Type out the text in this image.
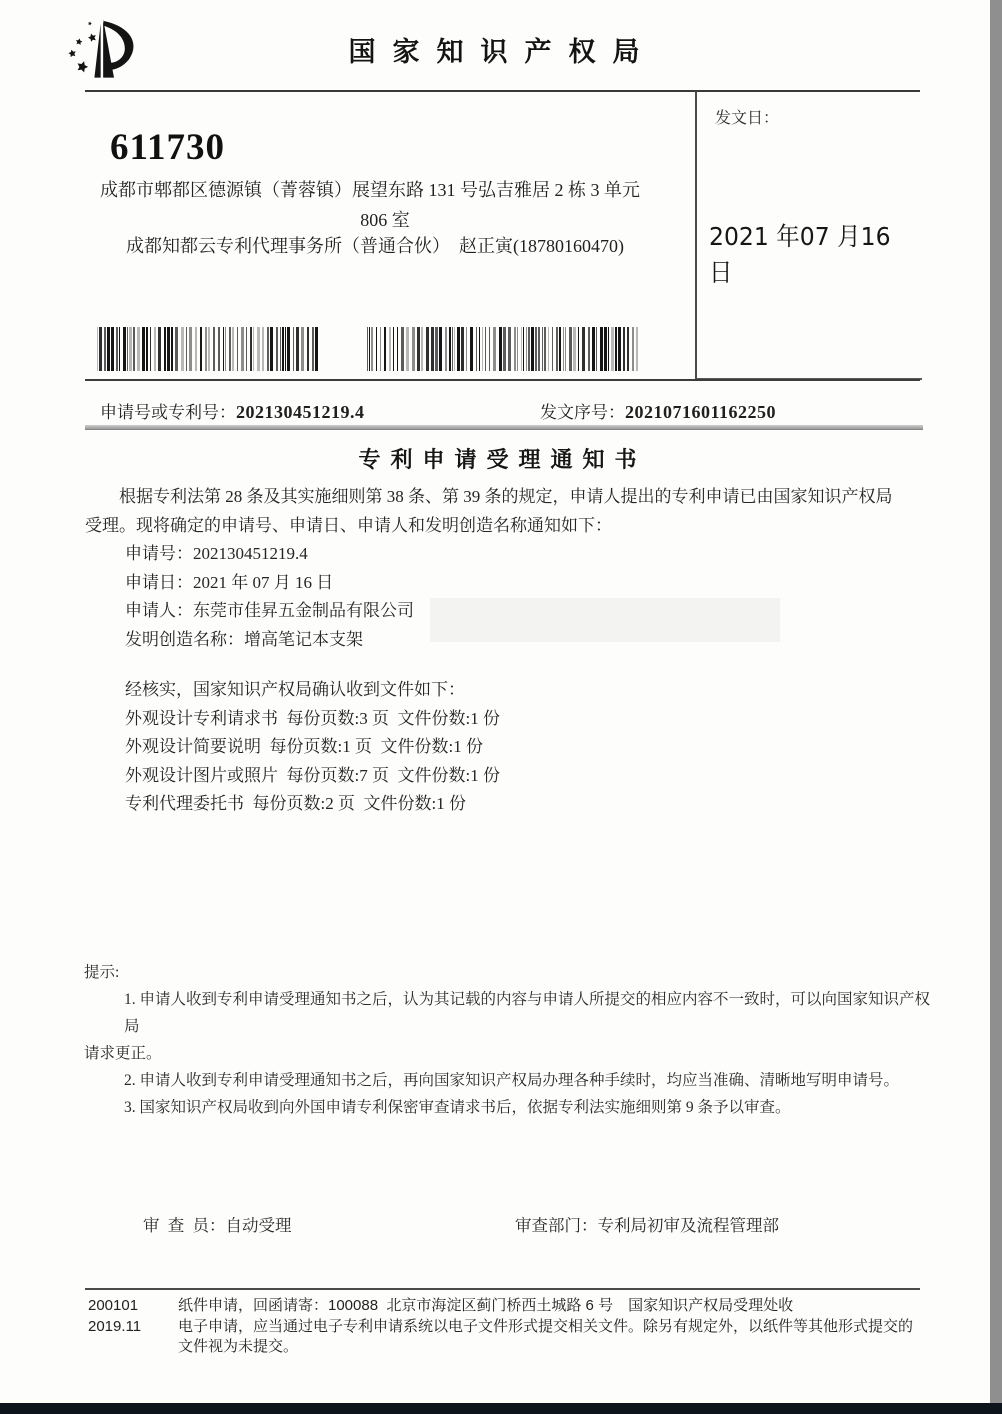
国家知识产权局
发文日：
2021 年07 月16 日
611730
成都市郫都区德源镇（菁蓉镇）展望东路 131 号弘吉雅居 2 栋 3 单元
806 室
成都知都云专利代理事务所（普通合伙）　赵正寅(18780160470)
申请号或专利号：202130451219.4	发文序号：2021071601162250
专利申请受理通知书
根据专利法第 28 条及其实施细则第 38 条、第 39 条的规定，申请人提出的专利申请已由国家知识产权局
受理。现将确定的申请号、申请日、申请人和发明创造名称通知如下：
申请号：202130451219.4
申请日：2021 年 07 月 16 日
申请人：东莞市佳昇五金制品有限公司
发明创造名称：增高笔记本支架
经核实，国家知识产权局确认收到文件如下：
外观设计专利请求书  每份页数:3 页  文件份数:1 份
外观设计简要说明  每份页数:1 页  文件份数:1 份
外观设计图片或照片  每份页数:7 页  文件份数:1 份
专利代理委托书  每份页数:2 页  文件份数:1 份
提示:
1. 申请人收到专利申请受理通知书之后，认为其记载的内容与申请人所提交的相应内容不一致时，可以向国家知识产权局
请求更正。
2. 申请人收到专利申请受理通知书之后，再向国家知识产权局办理各种手续时，均应当准确、清晰地写明申请号。
3. 国家知识产权局收到向外国申请专利保密审查请求书后，依据专利法实施细则第 9 条予以审查。
审  查  员：自动受理	审查部门：专利局初审及流程管理部
200101	纸件申请，回函请寄：100088  北京市海淀区蓟门桥西土城路 6 号　国家知识产权局受理处收
2019.11	电子申请，应当通过电子专利申请系统以电子文件形式提交相关文件。除另有规定外，以纸件等其他形式提交的
文件视为未提交。
